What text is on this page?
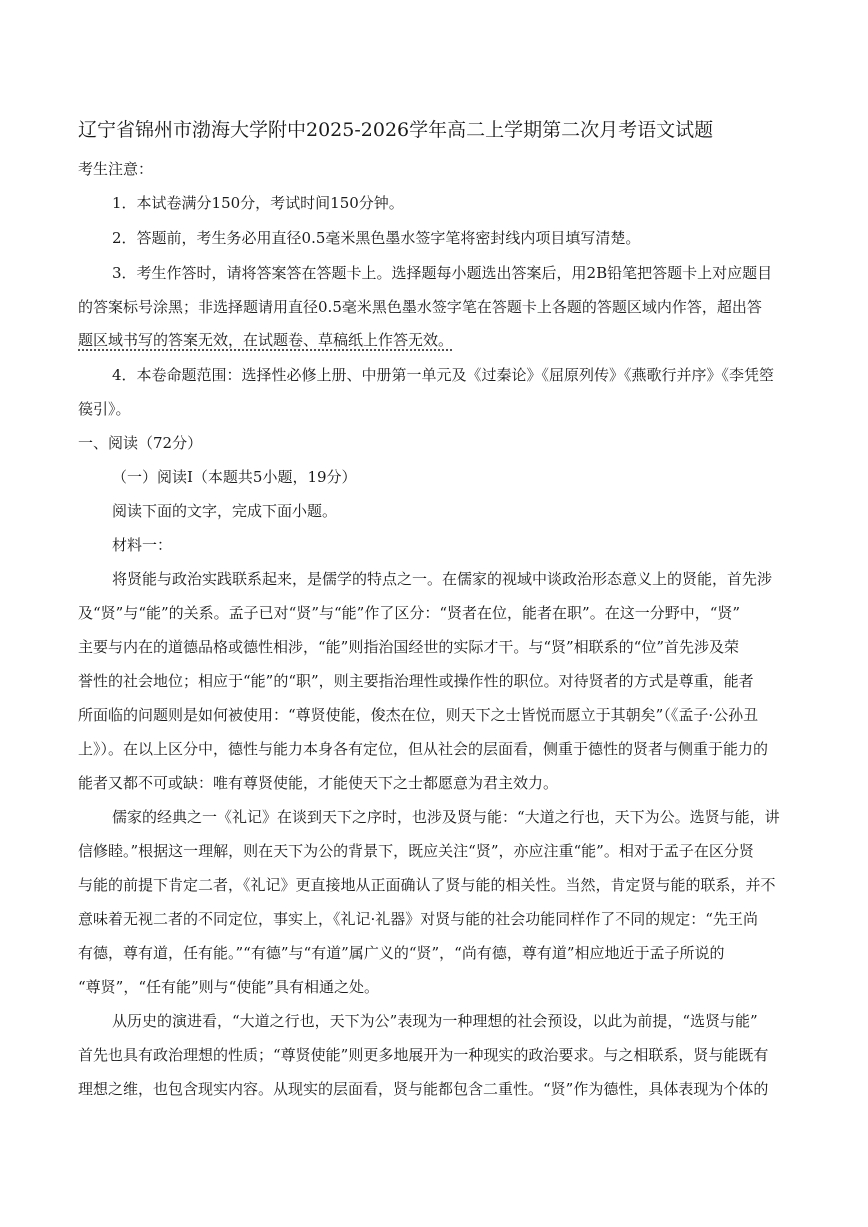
辽宁省锦州市渤海大学附中2025-2026学年高二上学期第二次月考语文试题
考生注意：
1．本试卷满分150分，考试时间150分钟。
2．答题前，考生务必用直径0.5毫米黑色墨水签字笔将密封线内项目填写清楚。
3．考生作答时，请将答案答在答题卡上。选择题每小题选出答案后，用2B铅笔把答题卡上对应题目
的答案标号涂黑；非选择题请用直径0.5毫米黑色墨水签字笔在答题卡上各题的答题区域内作答，超出答
题区域书写的答案无效，在试题卷、草稿纸上作答无效。
4．本卷命题范围：选择性必修上册、中册第一单元及《过秦论》《屈原列传》《燕歌行并序》《李凭箜
篌引》。
一、阅读（72分）
（一）阅读Ⅰ（本题共5小题，19分）
阅读下面的文字，完成下面小题。
材料一：
将贤能与政治实践联系起来，是儒学的特点之一。在儒家的视域中谈政治形态意义上的贤能，首先涉
及“贤”与“能”的关系。孟子已对“贤”与“能”作了区分：“贤者在位，能者在职”。在这一分野中，“贤”
主要与内在的道德品格或德性相涉，“能”则指治国经世的实际才干。与“贤”相联系的“位”首先涉及荣
誉性的社会地位；相应于“能”的“职”，则主要指治理性或操作性的职位。对待贤者的方式是尊重，能者
所面临的问题则是如何被使用：“尊贤使能，俊杰在位，则天下之士皆悦而愿立于其朝矣”（《孟子·公孙丑
上》）。在以上区分中，德性与能力本身各有定位，但从社会的层面看，侧重于德性的贤者与侧重于能力的
能者又都不可或缺：唯有尊贤使能，才能使天下之士都愿意为君主效力。
儒家的经典之一《礼记》在谈到天下之序时，也涉及贤与能：“大道之行也，天下为公。选贤与能，讲
信修睦。”根据这一理解，则在天下为公的背景下，既应关注“贤”，亦应注重“能”。相对于孟子在区分贤
与能的前提下肯定二者，《礼记》更直接地从正面确认了贤与能的相关性。当然，肯定贤与能的联系，并不
意味着无视二者的不同定位，事实上，《礼记·礼器》对贤与能的社会功能同样作了不同的规定：“先王尚
有德，尊有道，任有能。”“有德”与“有道”属广义的“贤”，“尚有德，尊有道”相应地近于孟子所说的
“尊贤”，“任有能”则与“使能”具有相通之处。
从历史的演进看，“大道之行也，天下为公”表现为一种理想的社会预设，以此为前提，“选贤与能”
首先也具有政治理想的性质；“尊贤使能”则更多地展开为一种现实的政治要求。与之相联系，贤与能既有
理想之维，也包含现实内容。从现实的层面看，贤与能都包含二重性。“贤”作为德性，具体表现为个体的
